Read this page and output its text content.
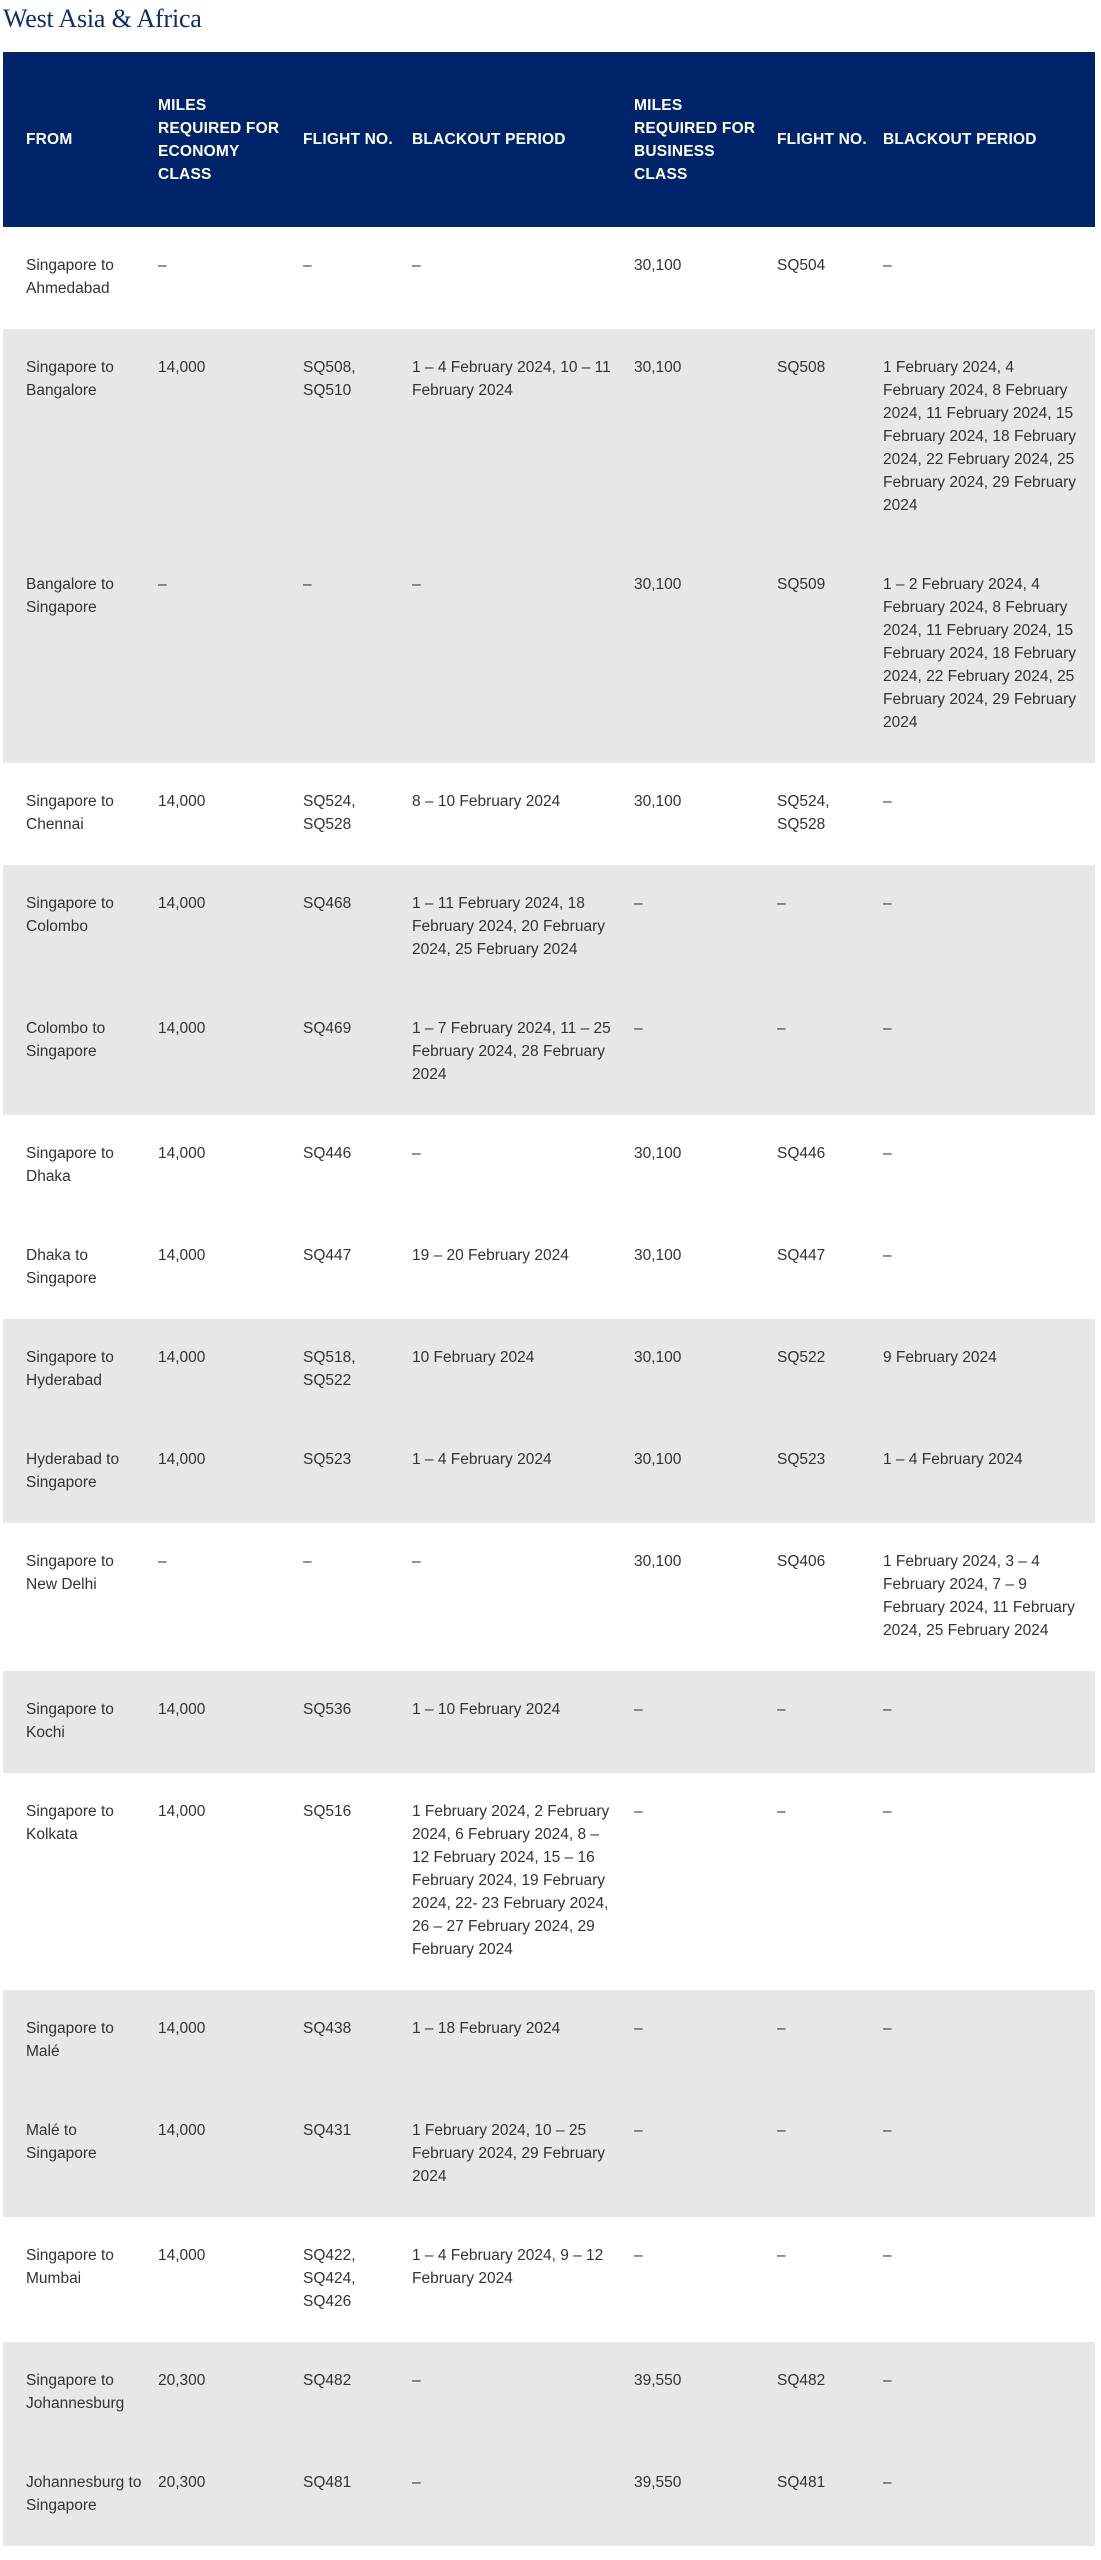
West Asia & Africa
FROM	MILES REQUIRED FOR ECONOMY CLASS	FLIGHT NO.	BLACKOUT PERIOD	MILES REQUIRED FOR BUSINESS CLASS	FLIGHT NO.	BLACKOUT PERIOD
Singapore to Ahmedabad	–	–	–	30,100	SQ504	–
Singapore to Bangalore	14,000	SQ508, SQ510	1 – 4 February 2024, 10 – 11 February 2024	30,100	SQ508	1 February 2024, 4 February 2024, 8 February 2024, 11 February 2024, 15 February 2024, 18 February 2024, 22 February 2024, 25 February 2024, 29 February 2024
Bangalore to Singapore	–	–	–	30,100	SQ509	1 – 2 February 2024, 4 February 2024, 8 February 2024, 11 February 2024, 15 February 2024, 18 February 2024, 22 February 2024, 25 February 2024, 29 February 2024
Singapore to Chennai	14,000	SQ524, SQ528	8 – 10 February 2024	30,100	SQ524, SQ528	–
Singapore to Colombo	14,000	SQ468	1 – 11 February 2024, 18 February 2024, 20 February 2024, 25 February 2024	–	–	–
Colombo to Singapore	14,000	SQ469	1 – 7 February 2024, 11 – 25 February 2024, 28 February 2024	–	–	–
Singapore to Dhaka	14,000	SQ446	–	30,100	SQ446	–
Dhaka to Singapore	14,000	SQ447	19 – 20 February 2024	30,100	SQ447	–
Singapore to Hyderabad	14,000	SQ518, SQ522	10 February 2024	30,100	SQ522	9 February 2024
Hyderabad to Singapore	14,000	SQ523	1 – 4 February 2024	30,100	SQ523	1 – 4 February 2024
Singapore to New Delhi	–	–	–	30,100	SQ406	1 February 2024, 3 – 4 February 2024, 7 – 9 February 2024, 11 February 2024, 25 February 2024
Singapore to Kochi	14,000	SQ536	1 – 10 February 2024	–	–	–
Singapore to Kolkata	14,000	SQ516	1 February 2024, 2 February 2024, 6 February 2024, 8 – 12 February 2024, 15 – 16 February 2024, 19 February 2024, 22- 23 February 2024, 26 – 27 February 2024, 29 February 2024	–	–	–
Singapore to Malé	14,000	SQ438	1 – 18 February 2024	–	–	–
Malé to Singapore	14,000	SQ431	1 February 2024, 10 – 25 February 2024, 29 February 2024	–	–	–
Singapore to Mumbai	14,000	SQ422, SQ424, SQ426	1 – 4 February 2024, 9 – 12 February 2024	–	–	–
Singapore to Johannesburg	20,300	SQ482	–	39,550	SQ482	–
Johannesburg to Singapore	20,300	SQ481	–	39,550	SQ481	–
